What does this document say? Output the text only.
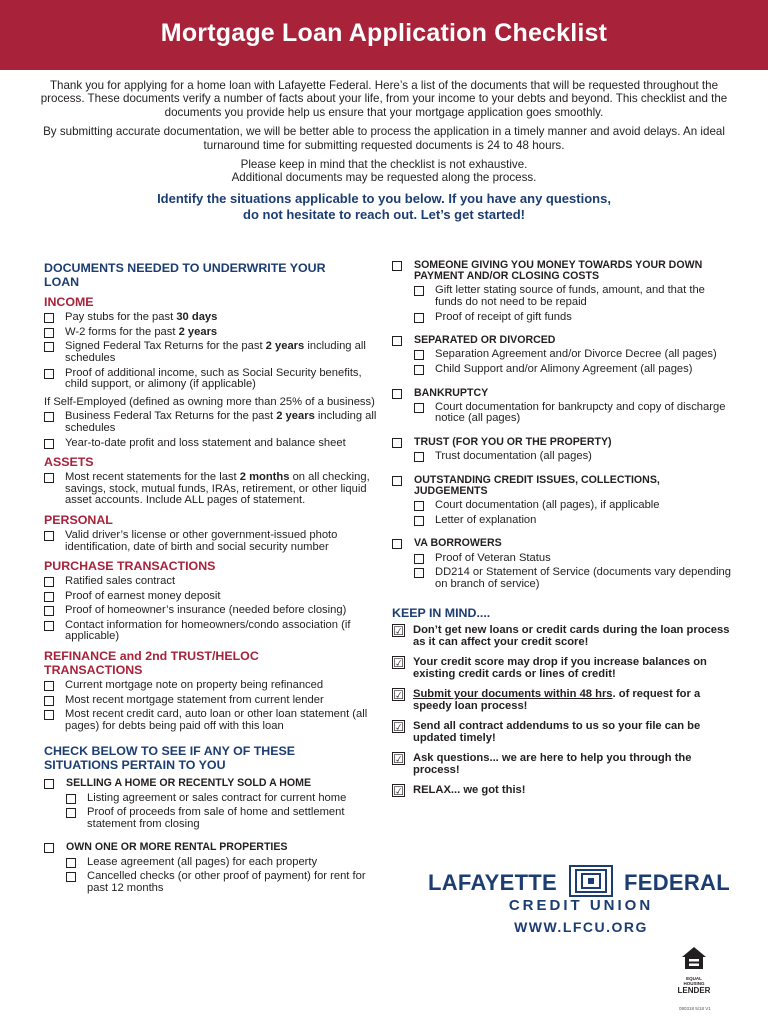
Mortgage Loan Application Checklist

Thank you for applying for a home loan with Lafayette Federal. Here’s a list of the documents that will be requested throughout the process. These documents verify a number of facts about your life, from your income to your debts and beyond. This checklist and the documents you provide help us ensure that your mortgage application goes smoothly.

By submitting accurate documentation, we will be better able to process the application in a timely manner and avoid delays. An ideal turnaround time for submitting requested documents is 24 to 48 hours.

Please keep in mind that the checklist is not exhaustive.
Additional documents may be requested along the process.

Identify the situations applicable to you below. If you have any questions,
do not hesitate to reach out. Let’s get started!
DOCUMENTS NEEDED TO UNDERWRITE YOUR LOAN
INCOME
Pay stubs for the past 30 days
W-2 forms for the past 2 years
Signed Federal Tax Returns for the past 2 years including all schedules
Proof of additional income, such as Social Security benefits, child support, or alimony (if applicable)
If Self-Employed (defined as owning more than 25% of a business)
Business Federal Tax Returns for the past 2 years including all schedules
Year-to-date profit and loss statement and balance sheet
ASSETS
Most recent statements for the last 2 months on all checking, savings, stock, mutual funds, IRAs, retirement, or other liquid asset accounts. Include ALL pages of statement.
PERSONAL
Valid driver’s license or other government-issued photo identification, date of birth and social security number
PURCHASE TRANSACTIONS
Ratified sales contract
Proof of earnest money deposit
Proof of homeowner’s insurance (needed before closing)
Contact information for homeowners/condo association (if applicable)
REFINANCE and 2nd TRUST/HELOC TRANSACTIONS
Current mortgage note on property being refinanced
Most recent mortgage statement from current lender
Most recent credit card, auto loan or other loan statement (all pages) for debts being paid off with this loan
CHECK BELOW TO SEE IF ANY OF THESE SITUATIONS PERTAIN TO YOU
SELLING A HOME OR RECENTLY SOLD A HOME
Listing agreement or sales contract for current home
Proof of proceeds from sale of home and settlement statement from closing
OWN ONE OR MORE RENTAL PROPERTIES
Lease agreement (all pages) for each property
Cancelled checks (or other proof of payment) for rent for past 12 months
SOMEONE GIVING YOU MONEY TOWARDS YOUR DOWN PAYMENT AND/OR CLOSING COSTS
Gift letter stating source of funds, amount, and that the funds do not need to be repaid
Proof of receipt of gift funds
SEPARATED OR DIVORCED
Separation Agreement and/or Divorce Decree (all pages)
Child Support and/or Alimony Agreement (all pages)
BANKRUPTCY
Court documentation for bankrupcty and copy of discharge notice (all pages)
TRUST (FOR YOU OR THE PROPERTY)
Trust documentation (all pages)
OUTSTANDING CREDIT ISSUES, COLLECTIONS, JUDGEMENTS
Court documentation (all pages), if applicable
Letter of explanation
VA BORROWERS
Proof of Veteran Status
DD214 or Statement of Service (documents vary depending on branch of service)
KEEP IN MIND....
☑ Don’t get new loans or credit cards during the loan process as it can affect your credit score!
☑ Your credit score may drop if you increase balances on existing credit cards or lines of credit!
☑ Submit your documents within 48 hrs. of request for a speedy loan process!
☑ Send all contract addendums to us so your file can be updated timely!
☑ Ask questions... we are here to help you through the process!
☑ RELAX... we got this!
LAFAYETTE	FEDERAL
CREDIT UNION
WWW.LFCU.ORG
EQUAL HOUSING
LENDER
080318 5/18 V1
